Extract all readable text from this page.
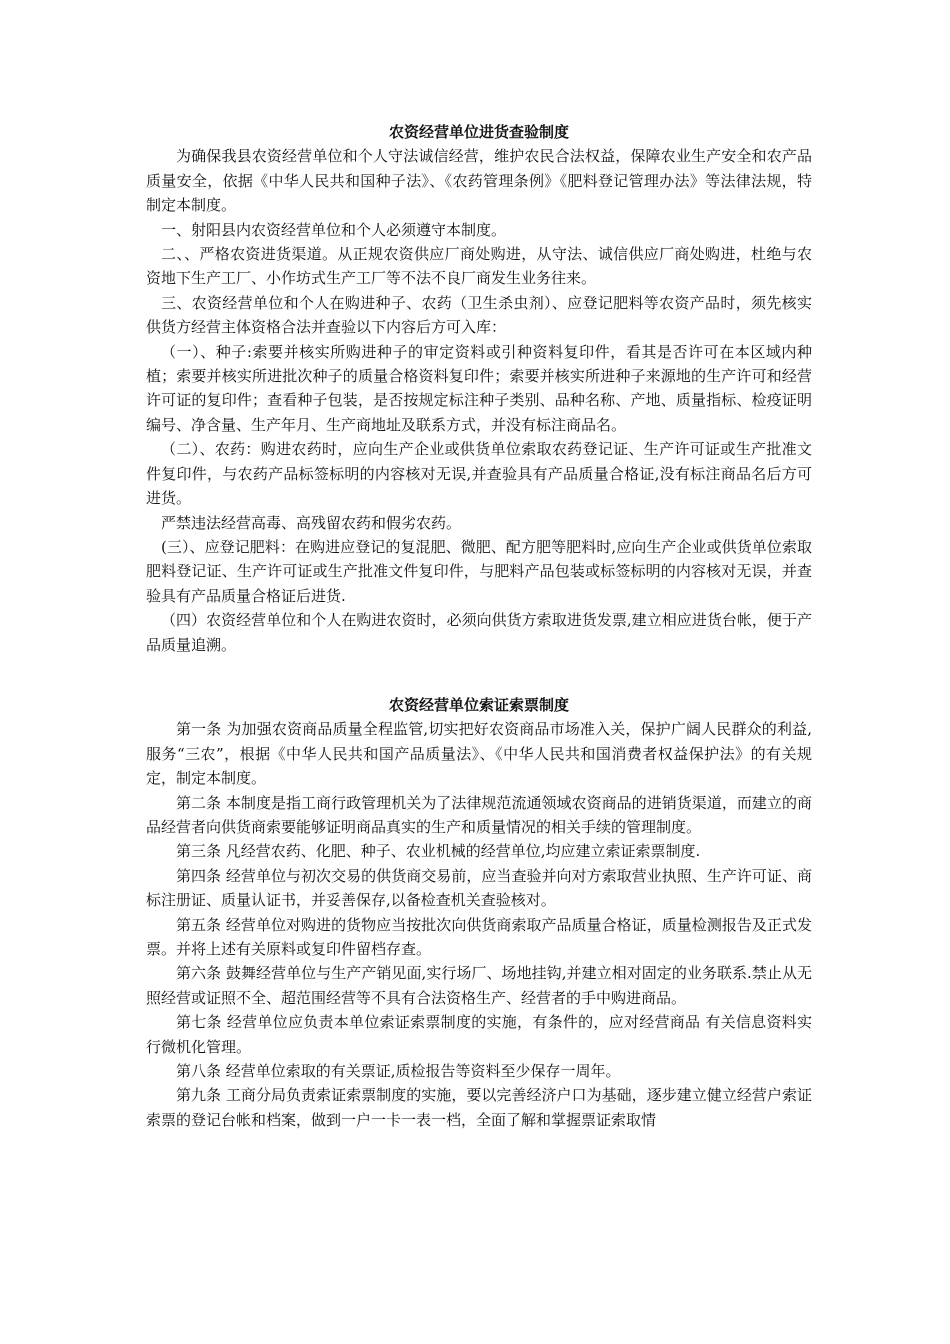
农资经营单位进货查验制度

为确保我县农资经营单位和个人守法诚信经营，维护农民合法权益，保障农业生产安全和农产品质量安全，依据《中华人民共和国种子法》、《农药管理条例》《肥料登记管理办法》等法律法规，特制定本制度。

一、射阳县内农资经营单位和个人必须遵守本制度。

二、、严格农资进货渠道。从正规农资供应厂商处购进，从守法、诚信供应厂商处购进，杜绝与农资地下生产工厂、小作坊式生产工厂等不法不良厂商发生业务往来。

三、农资经营单位和个人在购进种子、农药（卫生杀虫剂）、应登记肥料等农资产品时，须先核实供货方经营主体资格合法并查验以下内容后方可入库：

（一）、种子:索要并核实所购进种子的审定资料或引种资料复印件，看其是否许可在本区域内种植；索要并核实所进批次种子的质量合格资料复印件；索要并核实所进种子来源地的生产许可和经营许可证的复印件；查看种子包装，是否按规定标注种子类别、品种名称、产地、质量指标、检疫证明编号、净含量、生产年月、生产商地址及联系方式，并没有标注商品名。

（二）、农药：购进农药时，应向生产企业或供货单位索取农药登记证、生产许可证或生产批准文件复印件，与农药产品标签标明的内容核对无误,并查验具有产品质量合格证,没有标注商品名后方可进货。

严禁违法经营高毒、高残留农药和假劣农药。

(三）、应登记肥料：在购进应登记的复混肥、微肥、配方肥等肥料时,应向生产企业或供货单位索取肥料登记证、生产许可证或生产批准文件复印件，与肥料产品包装或标签标明的内容核对无误，并查验具有产品质量合格证后进货.

（四）农资经营单位和个人在购进农资时，必须向供货方索取进货发票,建立相应进货台帐，便于产品质量追溯。

农资经营单位索证索票制度

第一条 为加强农资商品质量全程监管,切实把好农资商品市场准入关，保护广阔人民群众的利益,服务“三农”，根据《中华人民共和国产品质量法》、《中华人民共和国消费者权益保护法》的有关规定，制定本制度。

第二条 本制度是指工商行政管理机关为了法律规范流通领域农资商品的进销货渠道，而建立的商品经营者向供货商索要能够证明商品真实的生产和质量情况的相关手续的管理制度。

第三条 凡经营农药、化肥、种子、农业机械的经营单位,均应建立索证索票制度.

第四条 经营单位与初次交易的供货商交易前，应当查验并向对方索取营业执照、生产许可证、商标注册证、质量认证书，并妥善保存,以备检查机关查验核对。

第五条 经营单位对购进的货物应当按批次向供货商索取产品质量合格证，质量检测报告及正式发票。并将上述有关原料或复印件留档存查。

第六条 鼓舞经营单位与生产产销见面,实行场厂、场地挂钩,并建立相对固定的业务联系.禁止从无照经营或证照不全、超范围经营等不具有合法资格生产、经营者的手中购进商品。

第七条 经营单位应负责本单位索证索票制度的实施，有条件的，应对经营商品 有关信息资料实行微机化管理。

第八条 经营单位索取的有关票证,质检报告等资料至少保存一周年。

第九条 工商分局负责索证索票制度的实施，要以完善经济户口为基础，逐步建立健立经营户索证索票的登记台帐和档案，做到一户一卡一表一档，全面了解和掌握票证索取情
